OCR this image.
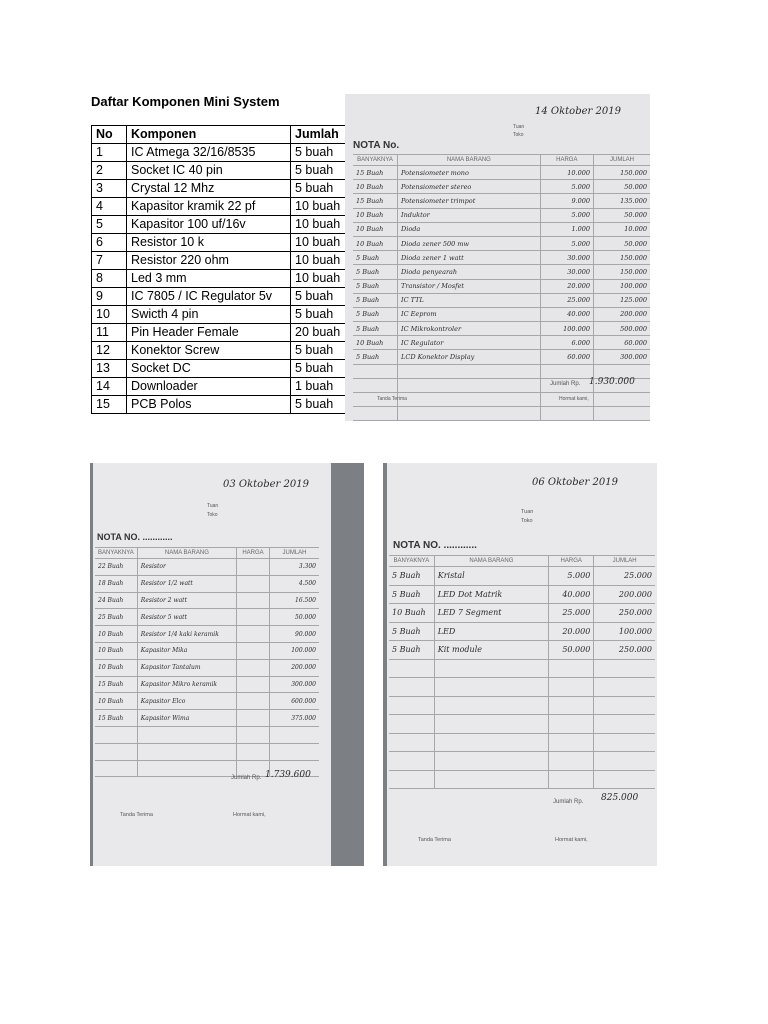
Daftar Komponen Mini System
No	Komponen	Jumlah
1	IC Atmega 32/16/8535	5 buah
2	Socket IC 40 pin	5 buah
3	Crystal 12 Mhz	5 buah
4	Kapasitor kramik 22 pf	10 buah
5	Kapasitor 100 uf/16v	10 buah
6	Resistor 10 k	10 buah
7	Resistor 220 ohm	10 buah
8	Led 3 mm	10 buah
9	IC 7805 / IC Regulator 5v	5 buah
10	Swicth 4 pin	5 buah
11	Pin Header Female	20 buah
12	Konektor Screw	5 buah
13	Socket DC	5 buah
14	Downloader	1 buah
15	PCB Polos	5 buah
14 Oktober 2019
Tuan
Toko
NOTA No.
BANYAKNYA	NAMA BARANG	HARGA	JUMLAH
15 Buah	Potensiometer mono	10.000	150.000
10 Buah	Potensiometer stereo	5.000	50.000
15 Buah	Potensiometer trimpot	9.000	135.000
10 Buah	Induktor	5.000	50.000
10 Buah	Dioda	1.000	10.000
10 Buah	Dioda zener 500 mw	5.000	50.000
5 Buah	Dioda zener 1 watt	30.000	150.000
5 Buah	Dioda penyearah	30.000	150.000
5 Buah	Transistor / Mosfet	20.000	100.000
5 Buah	IC TTL	25.000	125.000
5 Buah	IC Eeprom	40.000	200.000
5 Buah	IC Mikrokontroler	100.000	500.000
10 Buah	IC Regulator	6.000	60.000
5 Buah	LCD Konektor Display	60.000	300.000

Jumlah Rp. 1.930.000
Tanda Terima	Hormat kami,
03 Oktober 2019
Tuan
Toko
NOTA NO. ............
BANYAKNYA	NAMA BARANG	HARGA	JUMLAH
22 Buah	Resistor		3.300
18 Buah	Resistor 1/2 watt		4.500
24 Buah	Resistor 2 watt		16.500
25 Buah	Resistor 5 watt		50.000
10 Buah	Resistor 1/4 kaki keramik		90.000
10 Buah	Kapasitor Mika		100.000
10 Buah	Kapasitor Tantalum		200.000
15 Buah	Kapasitor Mikro keramik		300.000
10 Buah	Kapasitor Elco		600.000
15 Buah	Kapasitor Wima		375.000

Jumlah Rp. 1.739.600
Tanda Terima	Hormat kami,
06 Oktober 2019
Tuan
Toko
NOTA NO. ............
BANYAKNYA	NAMA BARANG	HARGA	JUMLAH
5 Buah	Kristal	5.000	25.000
5 Buah	LED Dot Matrik	40.000	200.000
10 Buah	LED 7 Segment	25.000	250.000
5 Buah	LED	20.000	100.000
5 Buah	Kit module	50.000	250.000

Jumlah Rp. 825.000
Tanda Terima	Hormat kami,
